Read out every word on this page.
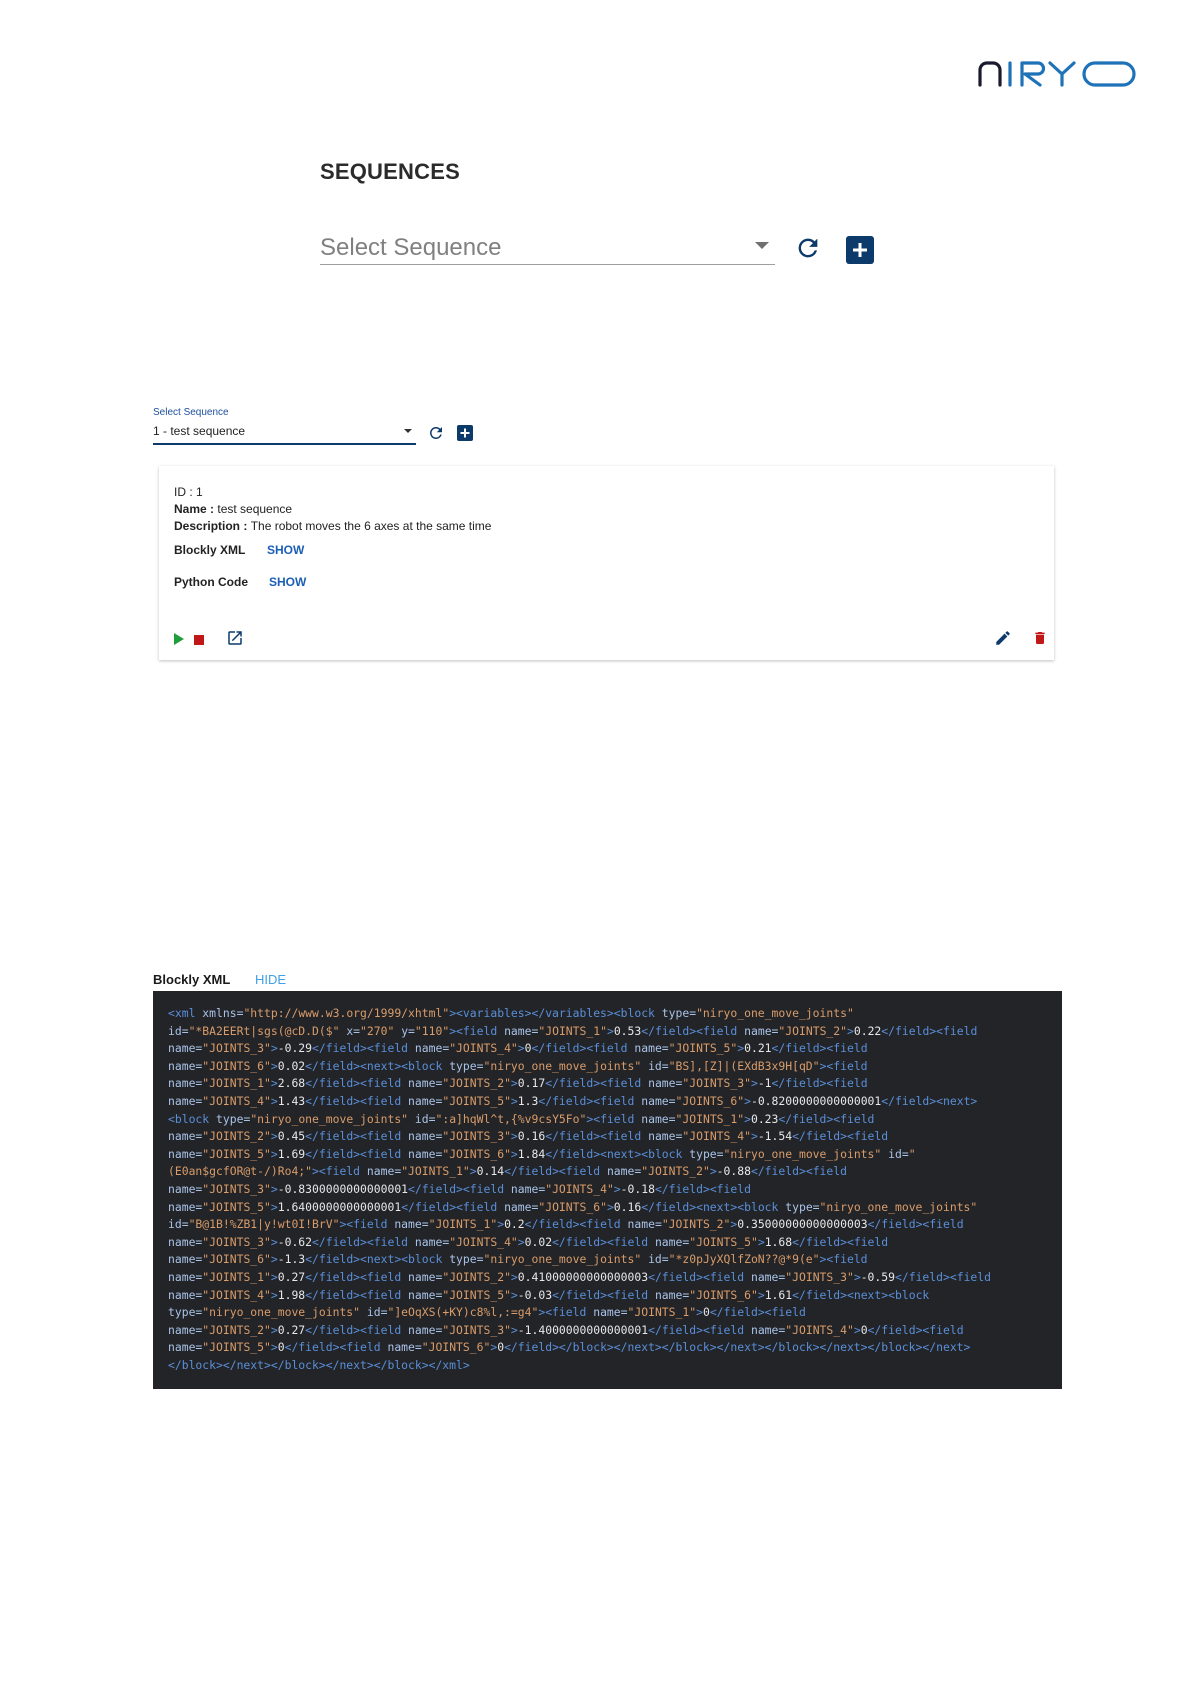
SEQUENCES
Select Sequence
Select Sequence
1 - test sequence
ID : 1
Name : test sequence
Description : The robot moves the 6 axes at the same time
Blockly XML SHOW
Python Code SHOW
Blockly XML HIDE
<xml xmlns="http://www.w3.org/1999/xhtml"><variables></variables><block type="niryo_one_move_joints"
id="*BA2EERt|sgs(@cD.D($" x="270" y="110"><field name="JOINTS_1">0.53</field><field name="JOINTS_2">0.22</field><field
name="JOINTS_3">-0.29</field><field name="JOINTS_4">0</field><field name="JOINTS_5">0.21</field><field
name="JOINTS_6">0.02</field><next><block type="niryo_one_move_joints" id="BS],[Z]|(EXdB3x9H[qD"><field
name="JOINTS_1">2.68</field><field name="JOINTS_2">0.17</field><field name="JOINTS_3">-1</field><field
name="JOINTS_4">1.43</field><field name="JOINTS_5">1.3</field><field name="JOINTS_6">-0.8200000000000001</field><next>
<block type="niryo_one_move_joints" id=":a]hqWl^t,{%v9csY5Fo"><field name="JOINTS_1">0.23</field><field
name="JOINTS_2">0.45</field><field name="JOINTS_3">0.16</field><field name="JOINTS_4">-1.54</field><field
name="JOINTS_5">1.69</field><field name="JOINTS_6">1.84</field><next><block type="niryo_one_move_joints" id="
(E0an$gcfOR@t-/)Ro4;"><field name="JOINTS_1">0.14</field><field name="JOINTS_2">-0.88</field><field
name="JOINTS_3">-0.8300000000000001</field><field name="JOINTS_4">-0.18</field><field
name="JOINTS_5">1.6400000000000001</field><field name="JOINTS_6">0.16</field><next><block type="niryo_one_move_joints"
id="B@1B!%ZB1|y!wt0I!BrV"><field name="JOINTS_1">0.2</field><field name="JOINTS_2">0.35000000000000003</field><field
name="JOINTS_3">-0.62</field><field name="JOINTS_4">0.02</field><field name="JOINTS_5">1.68</field><field
name="JOINTS_6">-1.3</field><next><block type="niryo_one_move_joints" id="*z0pJyXQlfZoN??@*9(e"><field
name="JOINTS_1">0.27</field><field name="JOINTS_2">0.41000000000000003</field><field name="JOINTS_3">-0.59</field><field
name="JOINTS_4">1.98</field><field name="JOINTS_5">-0.03</field><field name="JOINTS_6">1.61</field><next><block
type="niryo_one_move_joints" id="]eOqXS(+KY)c8%l,:=g4"><field name="JOINTS_1">0</field><field
name="JOINTS_2">0.27</field><field name="JOINTS_3">-1.4000000000000001</field><field name="JOINTS_4">0</field><field
name="JOINTS_5">0</field><field name="JOINTS_6">0</field></block></next></block></next></block></next></block></next>
</block></next></block></next></block></xml>
